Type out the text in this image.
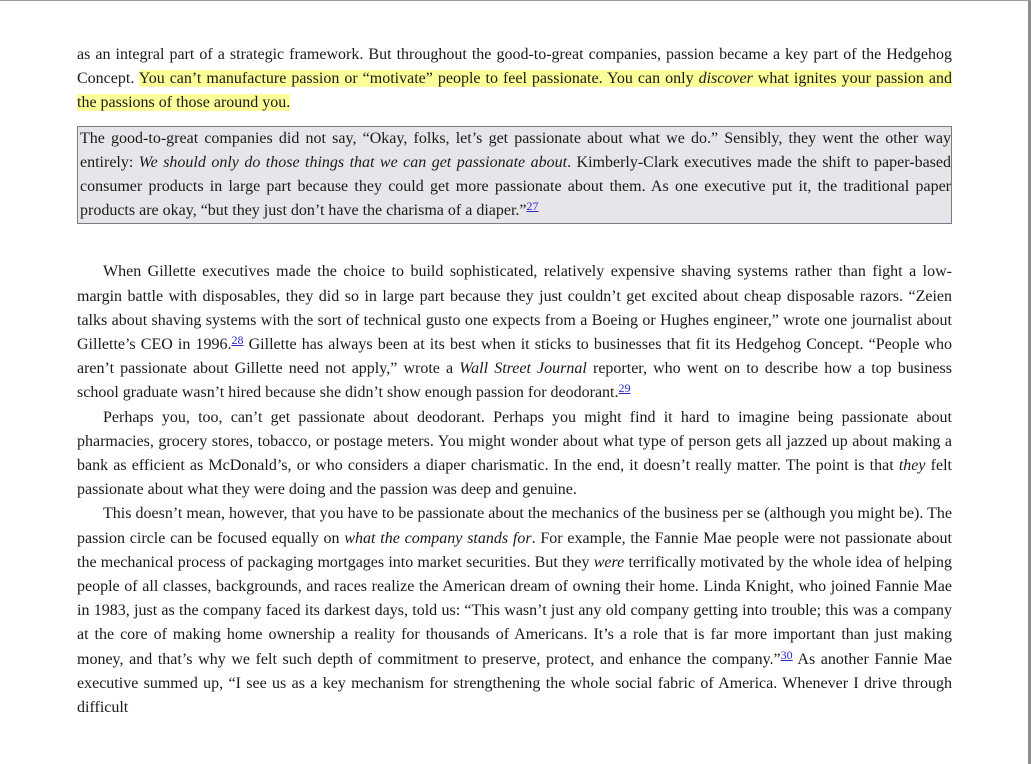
as an integral part of a strategic framework. But throughout the good-to-great companies, passion became a key part of the Hedgehog Concept. You can’t manufacture passion or “motivate” people to feel passionate. You can only discover what ignites your passion and the passions of those around you.

The good-to-great companies did not say, “Okay, folks, let’s get passionate about what we do.” Sensibly, they went the other way entirely: We should only do those things that we can get passionate about. Kimberly-Clark executives made the shift to paper-based consumer products in large part because they could get more passionate about them. As one executive put it, the traditional paper products are okay, “but they just don’t have the charisma of a diaper.”$^{27}$

When Gillette executives made the choice to build sophisticated, relatively expensive shaving systems rather than fight a low-margin battle with disposables, they did so in large part because they just couldn’t get excited about cheap disposable razors. “Zeien talks about shaving systems with the sort of technical gusto one expects from a Boeing or Hughes engineer,” wrote one journalist about Gillette’s CEO in 1996.28 Gillette has always been at its best when it sticks to businesses that fit its Hedgehog Concept. “People who aren’t passionate about Gillette need not apply,” wrote a Wall Street Journal reporter, who went on to describe how a top business school graduate wasn’t hired because she didn’t show enough passion for deodorant.$^{29}$

Perhaps you, too, can’t get passionate about deodorant. Perhaps you might find it hard to imagine being passionate about pharmacies, grocery stores, tobacco, or postage meters. You might wonder about what type of person gets all jazzed up about making a bank as efficient as McDonald’s, or who considers a diaper charismatic. In the end, it doesn’t really matter. The point is that they felt passionate about what they were doing and the passion was deep and genuine.

This doesn’t mean, however, that you have to be passionate about the mechanics of the business per se (although you might be). The passion circle can be focused equally on what the company stands for. For example, the Fannie Mae people were not passionate about the mechanical process of packaging mortgages into market securities. But they were terrifically motivated by the whole idea of helping people of all classes, backgrounds, and races realize the American dream of owning their home. Linda Knight, who joined Fannie Mae in 1983, just as the company faced its darkest days, told us: “This wasn’t just any old company getting into trouble; this was a company at the core of making home ownership a reality for thousands of Americans. It’s a role that is far more important than just making money, and that’s why we felt such depth of commitment to preserve, protect, and enhance the company.”$^{30}$ As another Fannie Mae executive summed up, “I see us as a key mechanism for strengthening the whole social fabric of America. Whenever I drive through difficult
